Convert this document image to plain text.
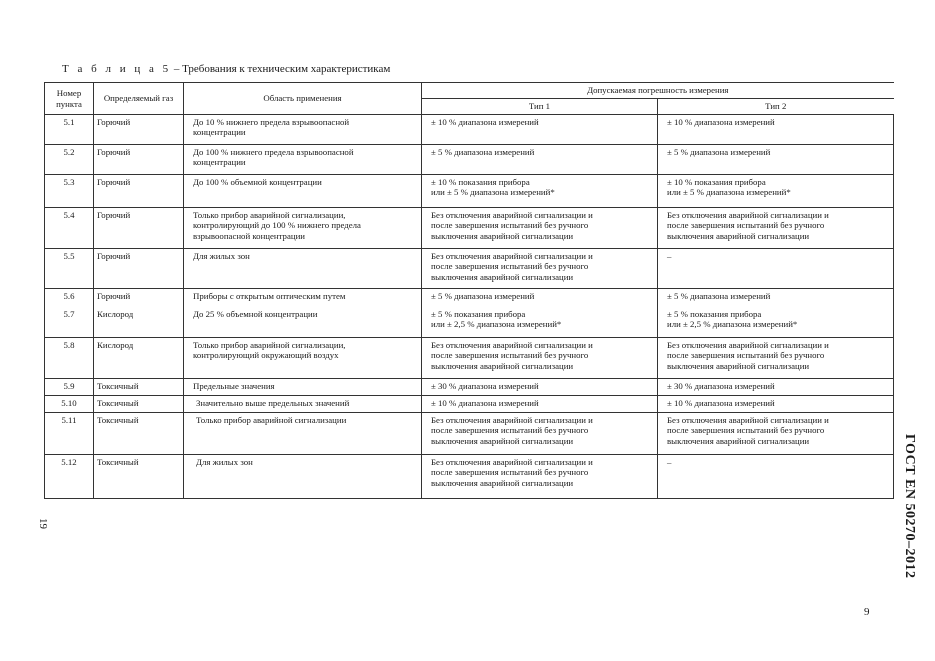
Т а б л и ц а 5 – Требования к техническим характеристикам
Номер пункта	Определяемый газ	Область применения	Допускаемая погрешность измерения	
			Тип 1	Тип 2
5.1	Горючий	До 10 % нижнего предела взрывоопасной
концентрации	± 10 % диапазона измерений	± 10 % диапазона измерений

5.2	Горючий	До 100 % нижнего предела взрывоопасной
концентрации	± 5 % диапазона измерений	± 5 % диапазона измерений

5.3	Горючий	До 100 % объемной концентрации	± 10 % показания прибора
или ± 5 % диапазона измерений*	± 10 % показания прибора
или ± 5 % диапазона измерений*

5.4	Горючий	Только прибор аварийной сигнализации,
контролирующий до 100 % нижнего предела
взрывоопасной концентрации	Без отключения аварийной сигнализации и
после завершения испытаний без ручного
выключения аварийной сигнализации	Без отключения аварийной сигнализации и
после завершения испытаний без ручного
выключения аварийной сигнализации

5.5	Горючий	Для жилых зон	Без отключения аварийной сигнализации и
после завершения испытаний без ручного
выключения аварийной сигнализации	–

5.6	Горючий	Приборы с открытым оптическим путем	± 5 % диапазона измерений	± 5 % диапазона измерений

5.7	Кислород	До 25 % объемной концентрации	± 5 % показания прибора
или ± 2,5 % диапазона измерений*	± 5 % показания прибора
или ± 2,5 % диапазона измерений*

5.8	Кислород	Только прибор аварийной сигнализации,
контролирующий окружающий воздух	Без отключения аварийной сигнализации и
после завершения испытаний без ручного
выключения аварийной сигнализации	Без отключения аварийной сигнализации и
после завершения испытаний без ручного
выключения аварийной сигнализации

5.9	Токсичный	Предельные значения	± 30 % диапазона измерений	± 30 % диапазона измерений

5.10	Токсичный	Значительно выше предельных значений	± 10 % диапазона измерений	± 10 % диапазона измерений

5.11	Токсичный	Только прибор аварийной сигнализации	Без отключения аварийной сигнализации и
после завершения испытаний без ручного
выключения аварийной сигнализации	Без отключения аварийной сигнализации и
после завершения испытаний без ручного
выключения аварийной сигнализации

5.12	Токсичный	Для жилых зон	Без отключения аварийной сигнализации и
после завершения испытаний без ручного
выключения аварийной сигнализации	–	ГОСТ EN 50270–2012
19
9
